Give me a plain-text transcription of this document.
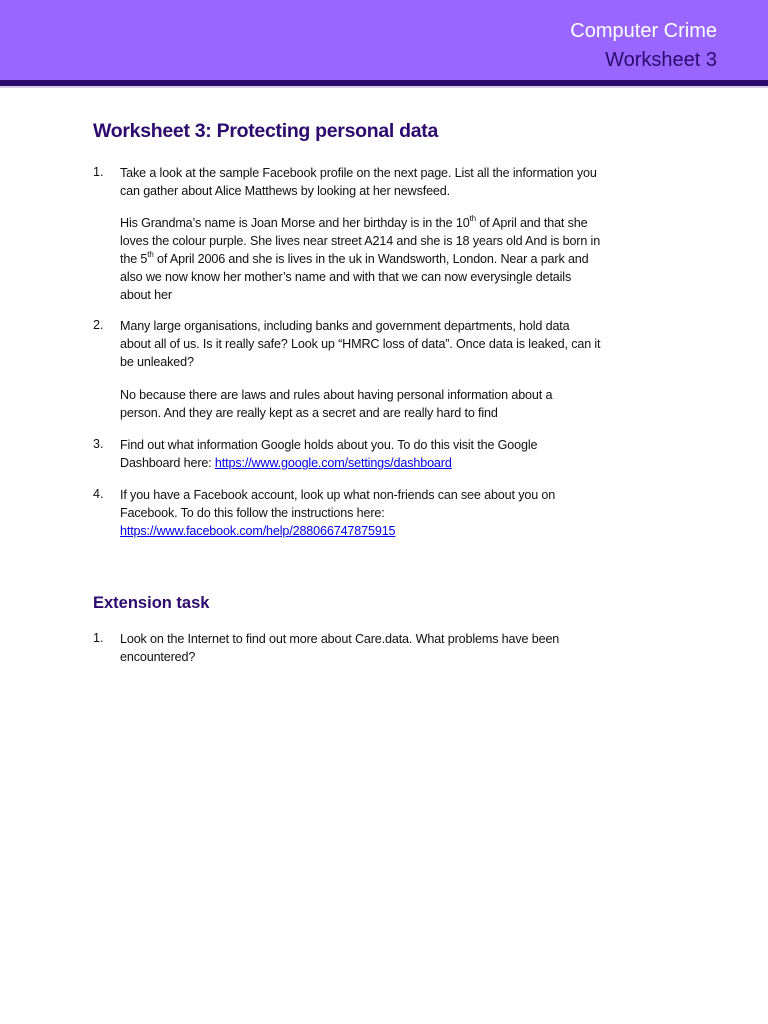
Computer Crime
Worksheet 3
Worksheet 3: Protecting personal data
1. Take a look at the sample Facebook profile on the next page. List all the information you
can gather about Alice Matthews by looking at her newsfeed.
His Grandma’s name is Joan Morse and her birthday is in the 10th of April and that she
loves the colour purple. She lives near street A214 and she is 18 years old And is born in
the 5th of April 2006 and she is lives in the uk in Wandsworth, London. Near a park and
also we now know her mother’s name and with that we can now everysingle details
about her
2. Many large organisations, including banks and government departments, hold data
about all of us. Is it really safe? Look up “HMRC loss of data”. Once data is leaked, can it
be unleaked?
No because there are laws and rules about having personal information about a
person. And they are really kept as a secret and are really hard to find
3. Find out what information Google holds about you. To do this visit the Google
Dashboard here: https://www.google.com/settings/dashboard
4. If you have a Facebook account, look up what non-friends can see about you on
Facebook. To do this follow the instructions here:
https://www.facebook.com/help/288066747875915
Extension task
1. Look on the Internet to find out more about Care.data. What problems have been
encountered?
